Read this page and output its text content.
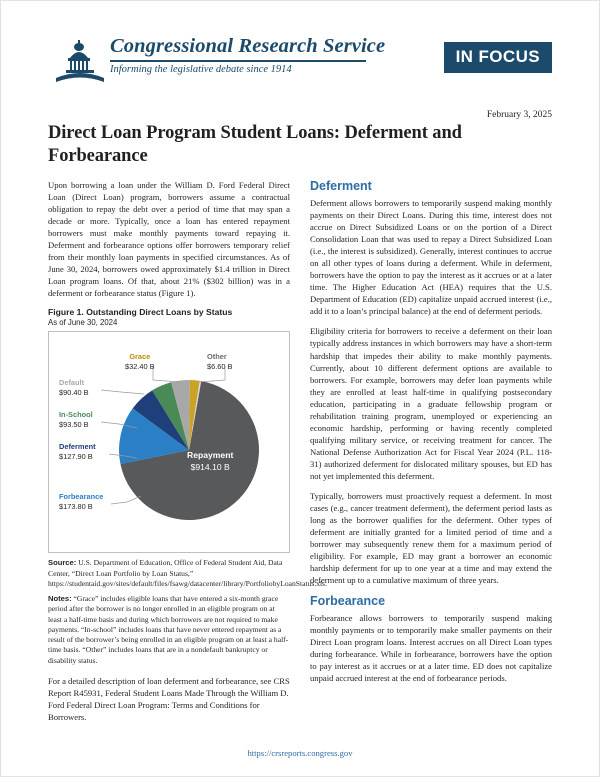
Congressional Research Service
Informing the legislative debate since 1914
IN FOCUS
February 3, 2025
Direct Loan Program Student Loans: Deferment and Forbearance

Upon borrowing a loan under the William D. Ford Federal Direct Loan (Direct Loan) program, borrowers assume a contractual obligation to repay the debt over a period of time that may span a decade or more. Typically, once a loan has entered repayment borrowers must make monthly payments toward repaying it. Deferment and forbearance options offer borrowers temporary relief from their monthly loan payments in specified circumstances. As of June 30, 2024, borrowers owed approximately $1.4 trillion in Direct Loan program loans. Of that, about 21% ($302 billion) was in a deferment or forbearance status (Figure 1).

Figure 1. Outstanding Direct Loans by Status
As of June 30, 2024
Grace
$32.40 B
Other
$6.60 B
Default
$90.40 B
In-School
$93.50 B
Deferment
$127.90 B
Forbearance
$173.80 B
Repayment
$914.10 B

Source: U.S. Department of Education, Office of Federal Student Aid, Data Center, “Direct Loan Portfolio by Loan Status,” https://studentaid.gov/sites/default/files/fsawg/datacenter/library/PortfoliobyLoanStatus.xls.

Notes: “Grace” includes eligible loans that have entered a six-month grace period after the borrower is no longer enrolled in an eligible program on at least a half-time basis and during which borrowers are not required to make payments. “In-school” includes loans that have never entered repayment as a result of the borrower’s being enrolled in an eligible program on at least a half-time basis. “Other” includes loans that are in a nondefault bankruptcy or disability status.

For a detailed description of loan deferment and forbearance, see CRS Report R45931, Federal Student Loans Made Through the William D. Ford Federal Direct Loan Program: Terms and Conditions for Borrowers.

Deferment

Deferment allows borrowers to temporarily suspend making monthly payments on their Direct Loans. During this time, interest does not accrue on Direct Subsidized Loans or on the portion of a Direct Consolidation Loan that was used to repay a Direct Subsidized Loan (i.e., the interest is subsidized). Generally, interest continues to accrue on all other types of loans during a deferment. While in deferment, borrowers have the option to pay the interest as it accrues or at a later time. The Higher Education Act (HEA) requires that the U.S. Department of Education (ED) capitalize unpaid accrued interest (i.e., add it to a loan’s principal balance) at the end of deferment periods.

Eligibility criteria for borrowers to receive a deferment on their loan typically address instances in which borrowers may have a short-term hardship that impedes their ability to make monthly payments. Currently, about 10 different deferment options are available to borrowers. For example, borrowers may defer loan payments while they are enrolled at least half-time in qualifying postsecondary education, participating in a graduate fellowship program or rehabilitation training program, unemployed or experiencing an economic hardship, performing or having recently completed qualifying military service, or receiving treatment for cancer. The National Defense Authorization Act for Fiscal Year 2024 (P.L. 118-31) authorized deferment for dislocated military spouses, but ED has not yet implemented this deferment.

Typically, borrowers must proactively request a deferment. In most cases (e.g., cancer treatment deferment), the deferment period lasts as long as the borrower qualifies for the deferment. Other types of deferment are initially granted for a limited period of time and a borrower may subsequently renew them for a maximum period of eligibility. For example, ED may grant a borrower an economic hardship deferment for up to one year at a time and may extend the deferment up to a cumulative maximum of three years.

Forbearance

Forbearance allows borrowers to temporarily suspend making monthly payments or to temporarily make smaller payments on their Direct Loan program loans. Interest accrues on all Direct Loan types during forbearance. While in forbearance, borrowers have the option to pay interest as it accrues or at a later time. ED does not capitalize unpaid accrued interest at the end of forbearance periods.

https://crsreports.congress.gov
